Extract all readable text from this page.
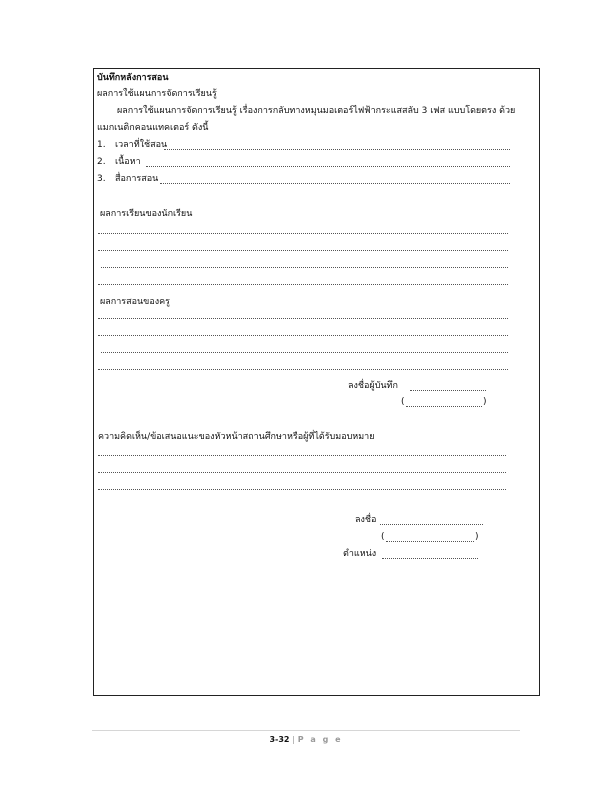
บันทึกหลังการสอน
ผลการใช้แผนการจัดการเรียนรู้
ผลการใช้แผนการจัดการเรียนรู้ เรื่องการกลับทางหมุนมอเตอร์ไฟฟ้ากระแสสลับ 3 เฟส แบบโดยตรง ด้วย
แมกเนติกคอนแทคเตอร์ ดังนี้
1. เวลาที่ใช้สอน
2. เนื้อหา
3. สื่อการสอน
ผลการเรียนของนักเรียน
ผลการสอนของครู
ลงชื่อผู้บันทึก
(	)
ความคิดเห็น/ข้อเสนอแนะของหัวหน้าสถานศึกษาหรือผู้ที่ได้รับมอบหมาย
ลงชื่อ
(	)
ตำแหน่ง
3-32 | P a g e
